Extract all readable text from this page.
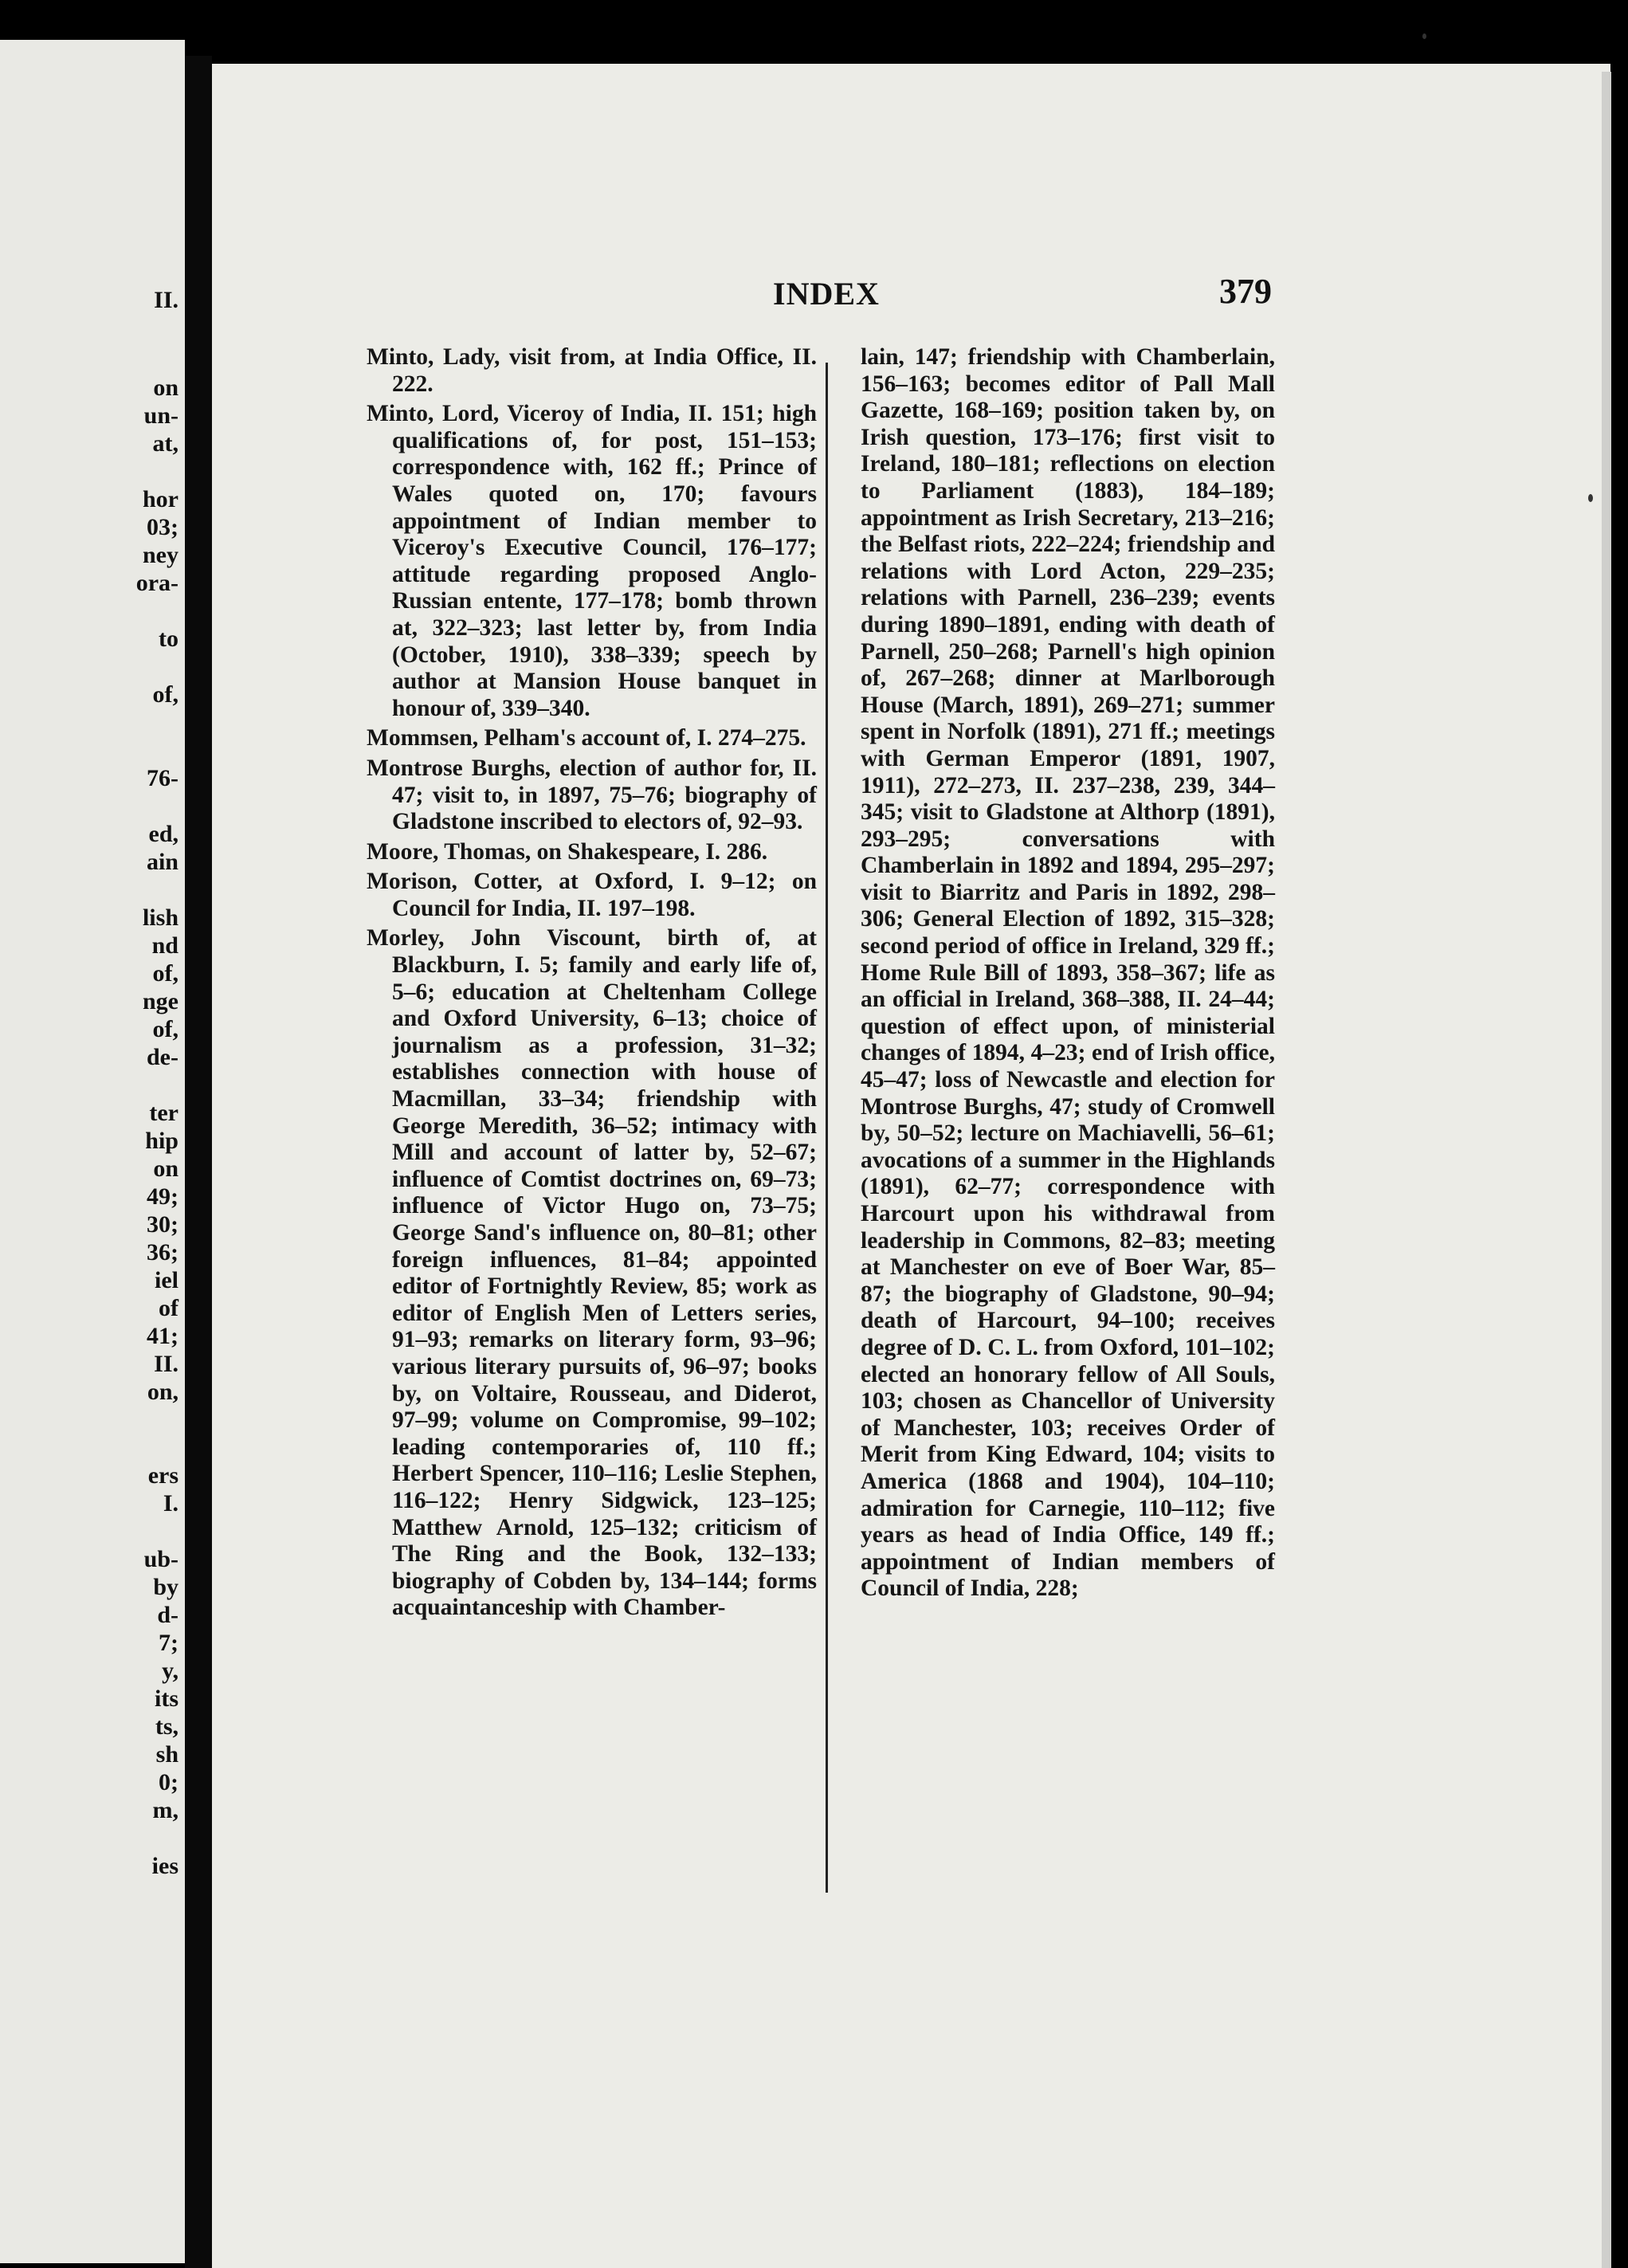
II.
on
un-
at,
hor
03;
ney
ora-
to
of,
76-
ed,
ain
lish
nd
of,
nge
of,
de-
ter
hip
on
49;
30;
36;
iel
of
41;
II.
on,
ers
I.
ub-
by
d-
7;
y,
its
ts,
sh
0;
m,
ies
INDEX	379

Minto, Lady, visit from, at India Office, II. 222.

Minto, Lord, Viceroy of India, II. 151; high qualifications of, for post, 151–153; correspondence with, 162 ff.; Prince of Wales quoted on, 170; favours appointment of Indian member to Viceroy's Executive Council, 176–177; attitude regarding proposed Anglo-Russian entente, 177–178; bomb thrown at, 322–323; last letter by, from India (October, 1910), 338–339; speech by author at Mansion House banquet in honour of, 339–340.

Mommsen, Pelham's account of, I. 274–275.

Montrose Burghs, election of author for, II. 47; visit to, in 1897, 75–76; biography of Gladstone inscribed to electors of, 92–93.

Moore, Thomas, on Shakespeare, I. 286.

Morison, Cotter, at Oxford, I. 9–12; on Council for India, II. 197–198.

Morley, John Viscount, birth of, at Blackburn, I. 5; family and early life of, 5–6; education at Cheltenham College and Oxford University, 6–13; choice of journalism as a profession, 31–32; establishes connection with house of Macmillan, 33–34; friendship with George Meredith, 36–52; intimacy with Mill and account of latter by, 52–67; influence of Comtist doctrines on, 69–73; influence of Victor Hugo on, 73–75; George Sand's influence on, 80–81; other foreign influences, 81–84; appointed editor of Fortnightly Review, 85; work as editor of English Men of Letters series, 91–93; remarks on literary form, 93–96; various literary pursuits of, 96–97; books by, on Voltaire, Rousseau, and Diderot, 97–99; volume on Compromise, 99–102; leading contemporaries of, 110 ff.; Herbert Spencer, 110–116; Leslie Stephen, 116–122; Henry Sidgwick, 123–125; Matthew Arnold, 125–132; criticism of The Ring and the Book, 132–133; biography of Cobden by, 134–144; forms acquaintanceship with Chamber-

lain, 147; friendship with Chamberlain, 156–163; becomes editor of Pall Mall Gazette, 168–169; position taken by, on Irish question, 173–176; first visit to Ireland, 180–181; reflections on election to Parliament (1883), 184–189; appointment as Irish Secretary, 213–216; the Belfast riots, 222–224; friendship and relations with Lord Acton, 229–235; relations with Parnell, 236–239; events during 1890–1891, ending with death of Parnell, 250–268; Parnell's high opinion of, 267–268; dinner at Marlborough House (March, 1891), 269–271; summer spent in Norfolk (1891), 271 ff.; meetings with German Emperor (1891, 1907, 1911), 272–273, II. 237–238, 239, 344–345; visit to Gladstone at Althorp (1891), 293–295; conversations with Chamberlain in 1892 and 1894, 295–297; visit to Biarritz and Paris in 1892, 298–306; General Election of 1892, 315–328; second period of office in Ireland, 329 ff.; Home Rule Bill of 1893, 358–367; life as an official in Ireland, 368–388, II. 24–44; question of effect upon, of ministerial changes of 1894, 4–23; end of Irish office, 45–47; loss of Newcastle and election for Montrose Burghs, 47; study of Cromwell by, 50–52; lecture on Machiavelli, 56–61; avocations of a summer in the Highlands (1891), 62–77; correspondence with Harcourt upon his withdrawal from leadership in Commons, 82–83; meeting at Manchester on eve of Boer War, 85–87; the biography of Gladstone, 90–94; death of Harcourt, 94–100; receives degree of D. C. L. from Oxford, 101–102; elected an honorary fellow of All Souls, 103; chosen as Chancellor of University of Manchester, 103; receives Order of Merit from King Edward, 104; visits to America (1868 and 1904), 104–110; admiration for Carnegie, 110–112; five years as head of India Office, 149 ff.; appointment of Indian members of Council of India, 228;
